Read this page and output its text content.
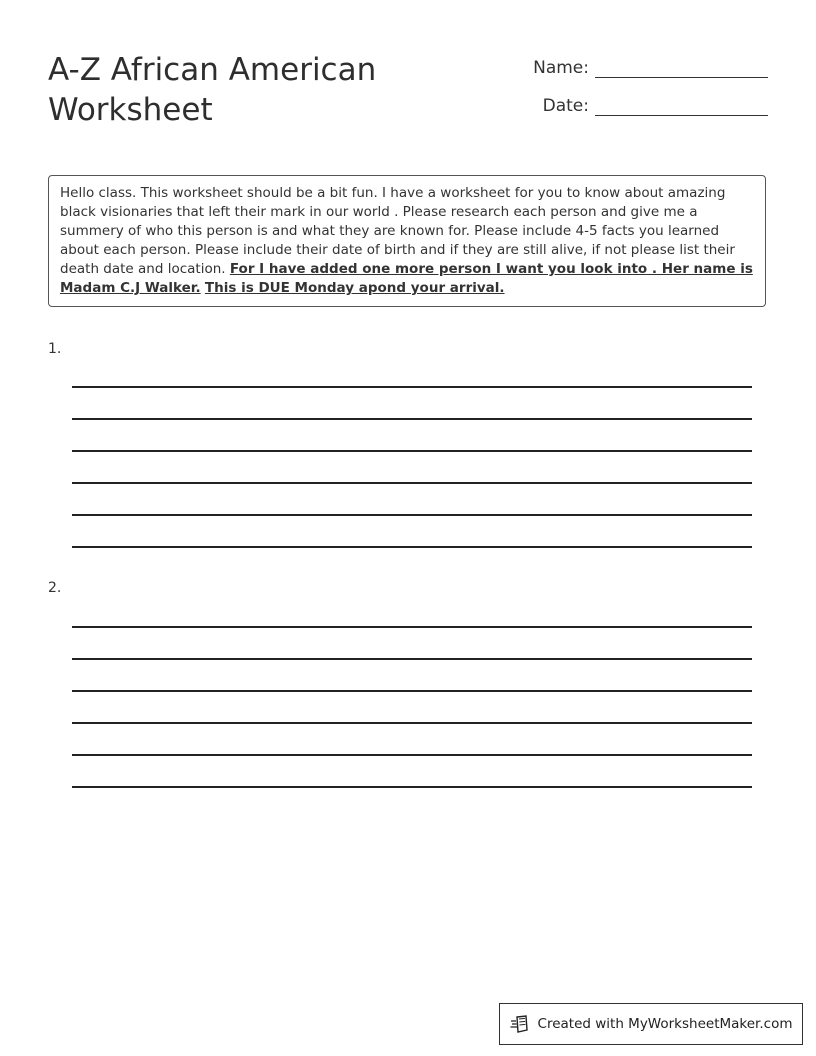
A-Z African American
Worksheet
Name:
Date:
Hello class. This worksheet should be a bit fun. I have a worksheet for you to know about amazing black visionaries that left their mark in our world . Please research each person and give me a summery of who this person is and what they are known for. Please include 4-5 facts you learned about each person. Please include their date of birth and if they are still alive, if not please list their death date and location. For I have added one more person I want you look into . Her name is Madam C.J Walker. This is DUE Monday apond your arrival.
1.
2.
Created with MyWorksheetMaker.com
